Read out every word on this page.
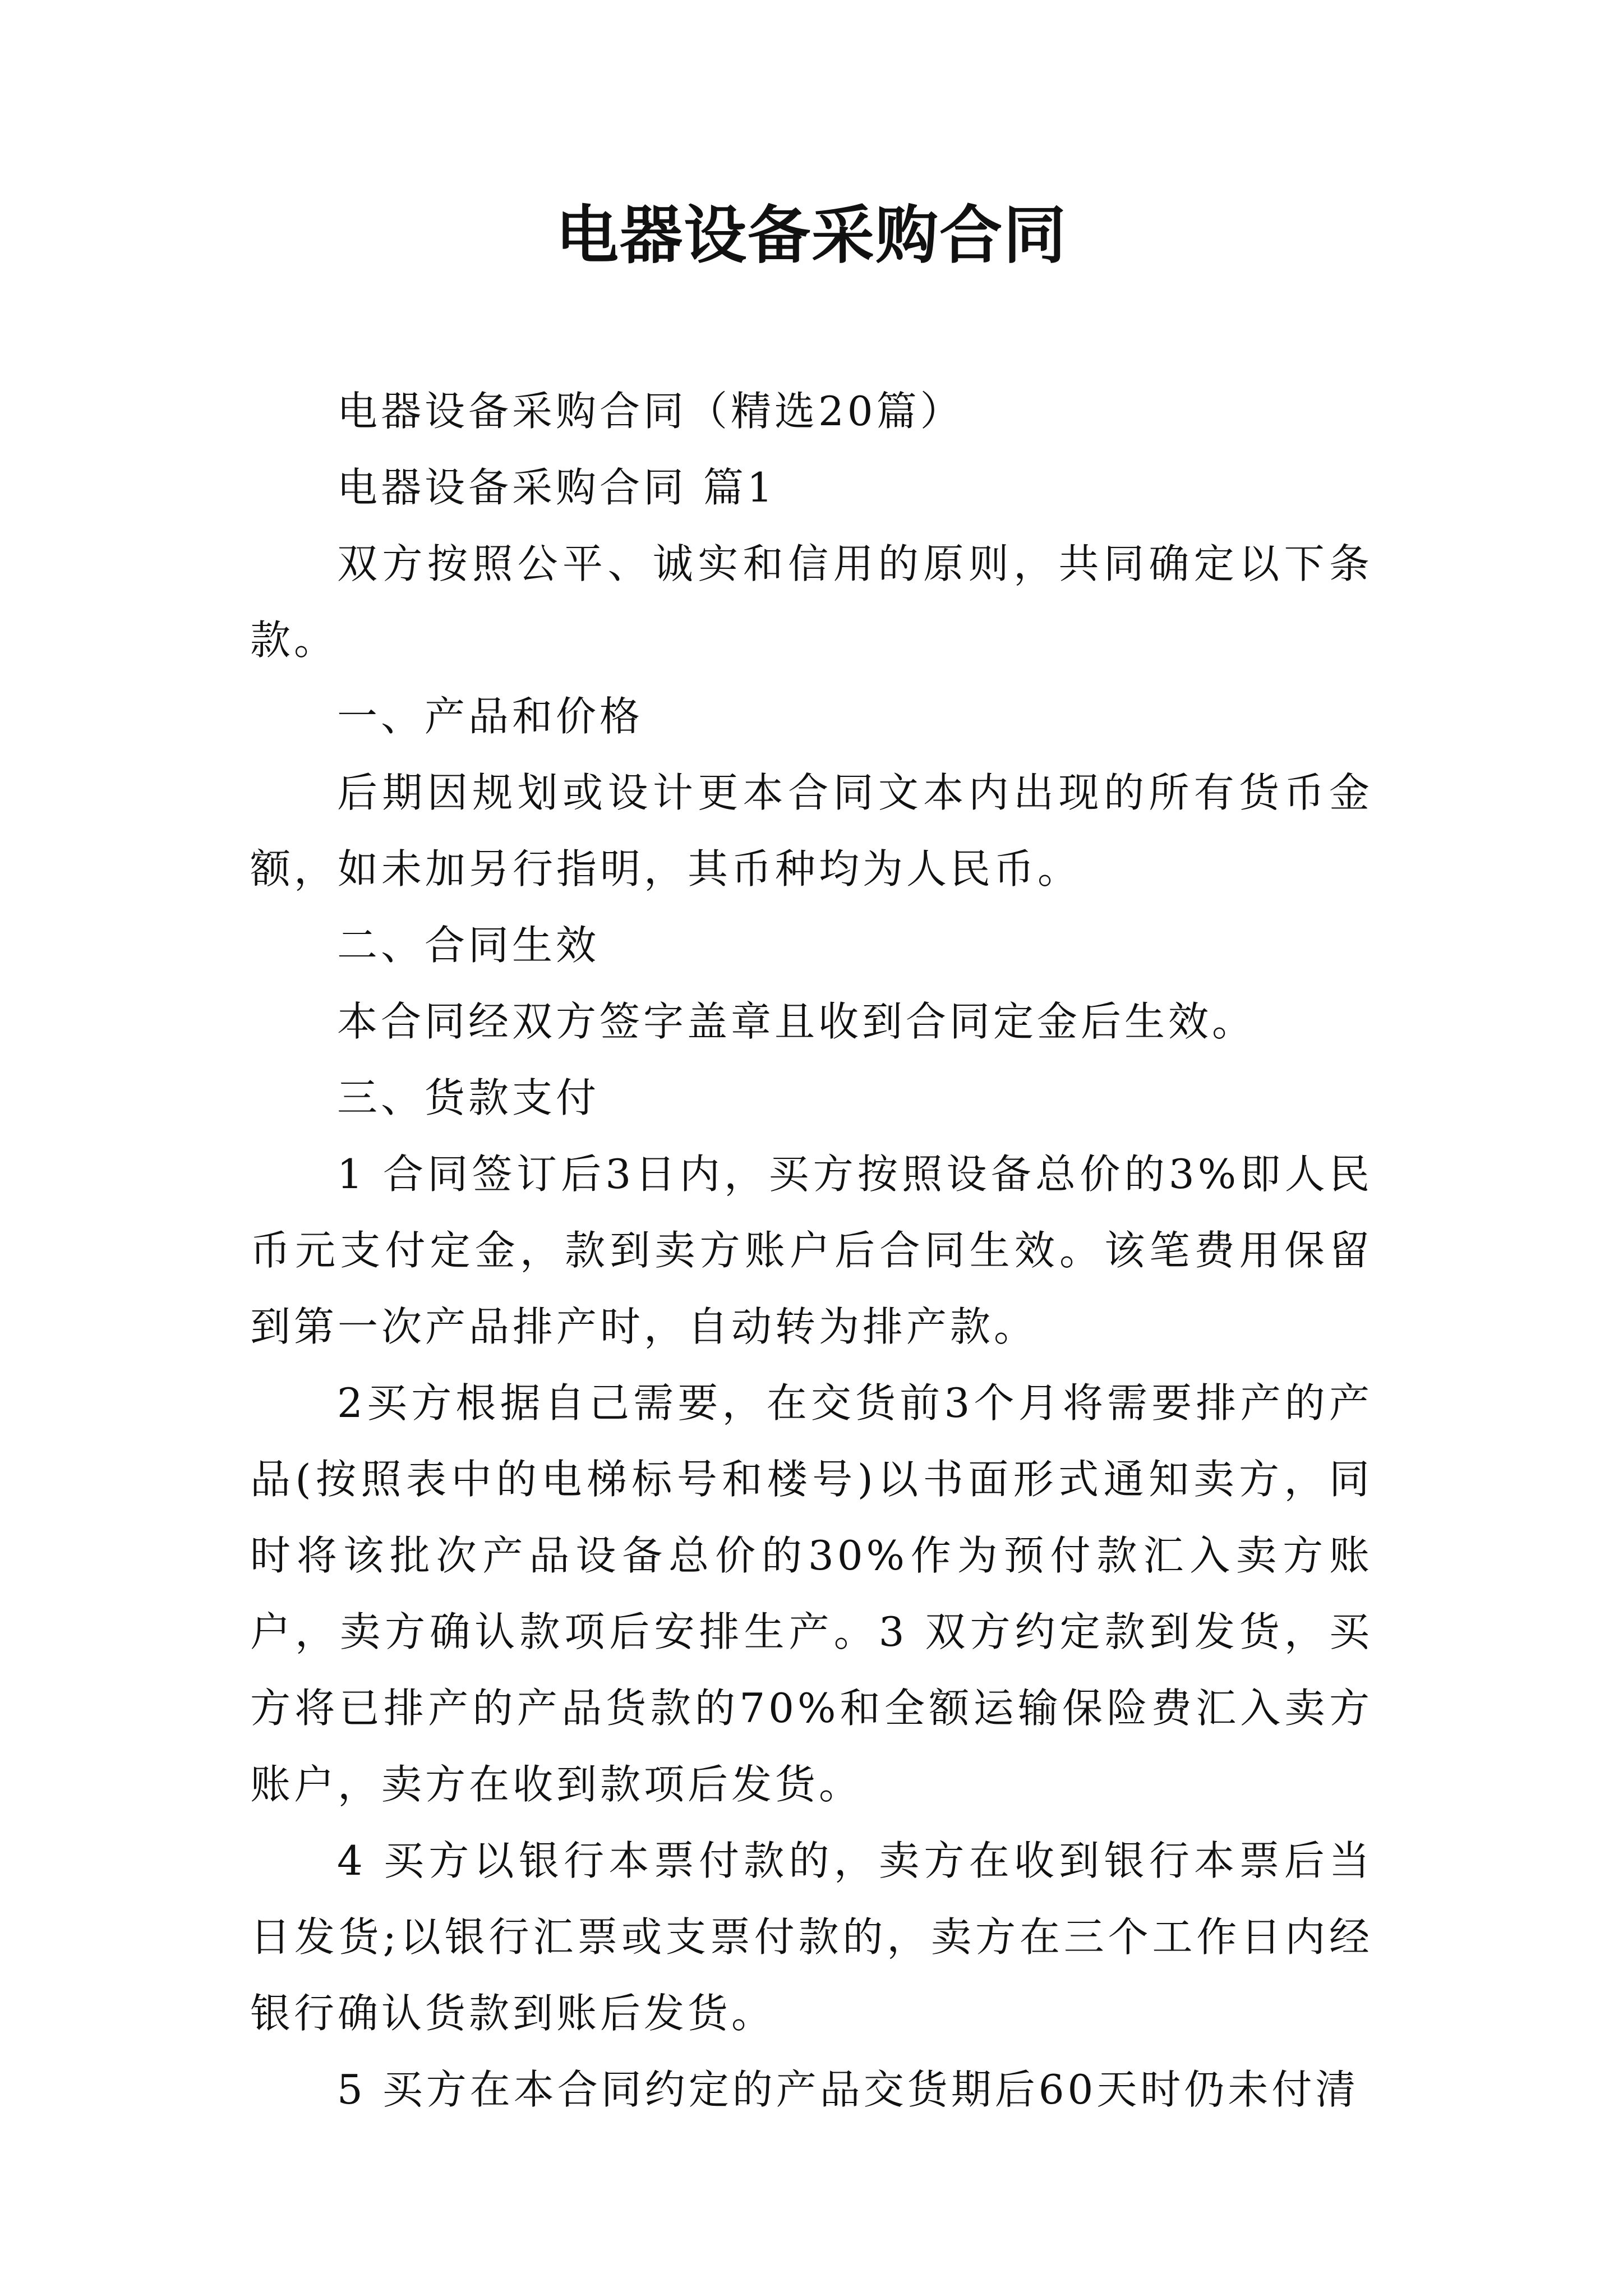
电器设备采购合同

电器设备采购合同（精选20篇）

电器设备采购合同 篇1

双方按照公平、诚实和信用的原则，共同确定以下条款。

一、产品和价格

后期因规划或设计更本合同文本内出现的所有货币金额，如未加另行指明，其币种均为人民币。

二、合同生效

本合同经双方签字盖章且收到合同定金后生效。

三、货款支付

1 合同签订后3日内，买方按照设备总价的3%即人民币元支付定金，款到卖方账户后合同生效。该笔费用保留到第一次产品排产时，自动转为排产款。

2买方根据自己需要，在交货前3个月将需要排产的产品(按照表中的电梯标号和楼号)以书面形式通知卖方，同时将该批次产品设备总价的30%作为预付款汇入卖方账户，卖方确认款项后安排生产。3 双方约定款到发货，买方将已排产的产品货款的70%和全额运输保险费汇入卖方账户，卖方在收到款项后发货。

4 买方以银行本票付款的，卖方在收到银行本票后当日发货;以银行汇票或支票付款的，卖方在三个工作日内经银行确认货款到账后发货。

5 买方在本合同约定的产品交货期后60天时仍未付清
